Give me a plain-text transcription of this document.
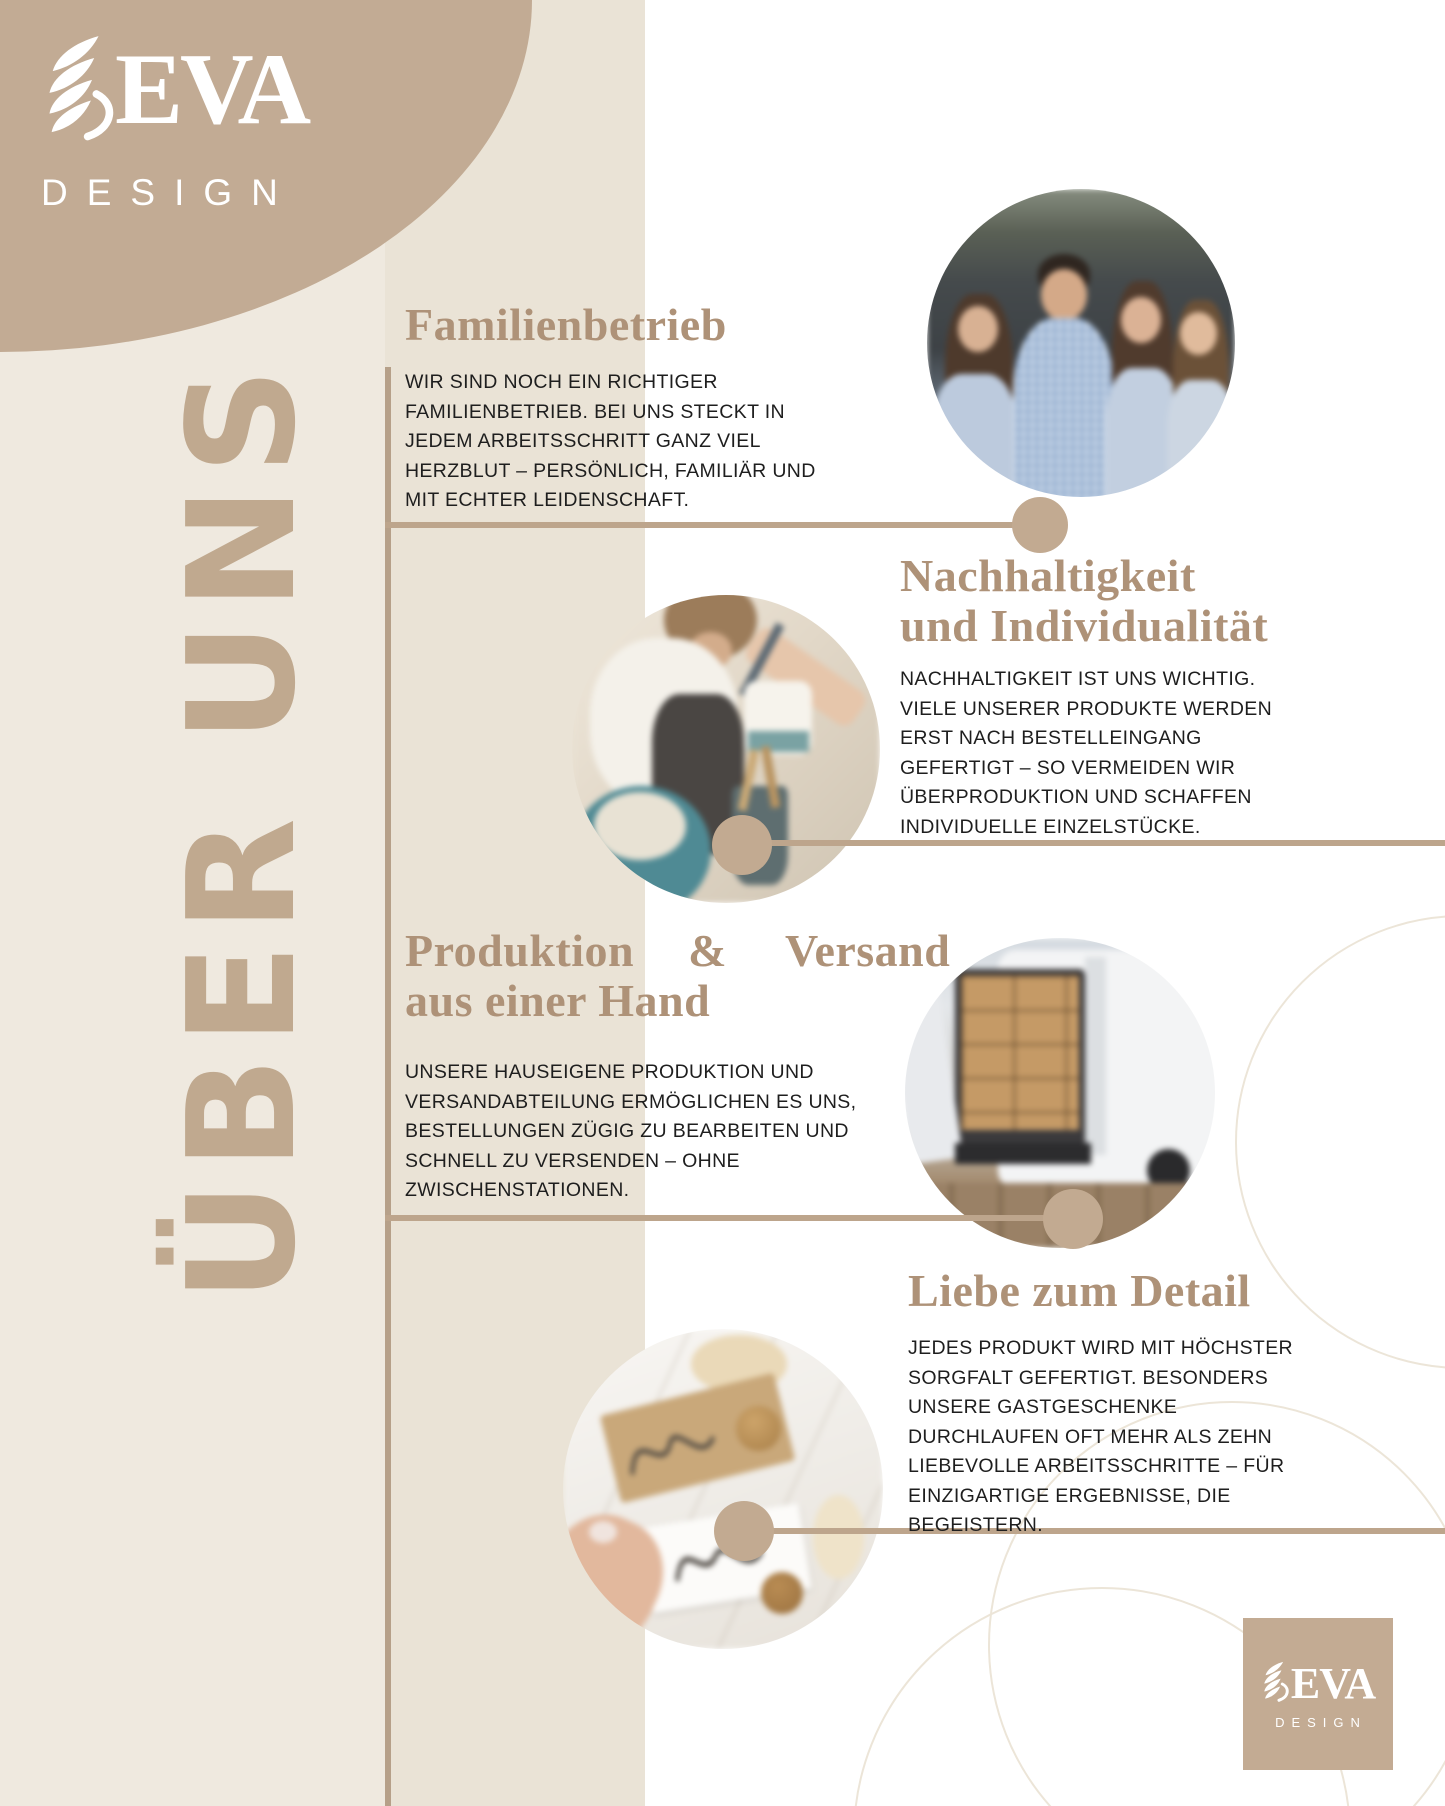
ÜBER UNS
EVA
DESIGN
Familienbetrieb
WIR SIND NOCH EIN RICHTIGER
FAMILIENBETRIEB. BEI UNS STECKT IN
JEDEM ARBEITSSCHRITT GANZ VIEL
HERZBLUT – PERSÖNLICH, FAMILIÄR UND
MIT ECHTER LEIDENSCHAFT.
Nachhaltigkeit
und Individualität
NACHHALTIGKEIT IST UNS WICHTIG.
VIELE UNSERER PRODUKTE WERDEN
ERST NACH BESTELLEINGANG
GEFERTIGT – SO VERMEIDEN WIR
ÜBERPRODUKTION UND SCHAFFEN
INDIVIDUELLE EINZELSTÜCKE.
Produktion & Versand
aus einer Hand
UNSERE HAUSEIGENE PRODUKTION UND
VERSANDABTEILUNG ERMÖGLICHEN ES UNS,
BESTELLUNGEN ZÜGIG ZU BEARBEITEN UND
SCHNELL ZU VERSENDEN – OHNE
ZWISCHENSTATIONEN.
Liebe zum Detail
JEDES PRODUKT WIRD MIT HÖCHSTER
SORGFALT GEFERTIGT. BESONDERS
UNSERE GASTGESCHENKE
DURCHLAUFEN OFT MEHR ALS ZEHN
LIEBEVOLLE ARBEITSSCHRITTE – FÜR
EINZIGARTIGE ERGEBNISSE, DIE
BEGEISTERN.
EVA
DESIGN
